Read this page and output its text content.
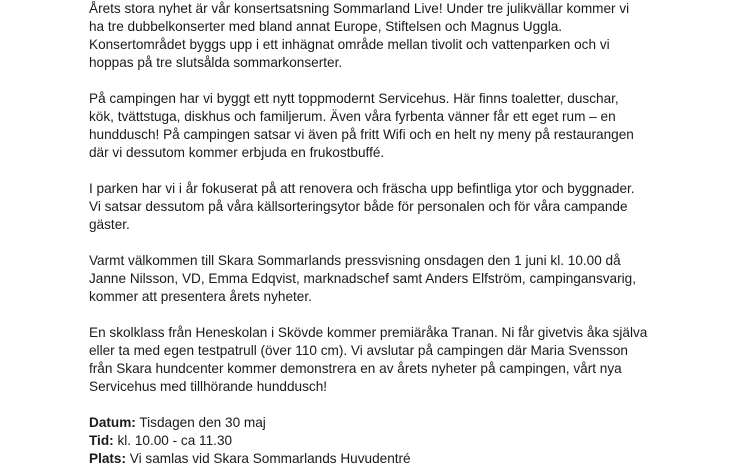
Årets stora nyhet är vår konsertsatsning Sommarland Live! Under tre julikvällar kommer vi
ha tre dubbelkonserter med bland annat Europe, Stiftelsen och Magnus Uggla.
Konsertområdet byggs upp i ett inhägnat område mellan tivolit och vattenparken och vi
hoppas på tre slutsålda sommarkonserter.
På campingen har vi byggt ett nytt toppmodernt Servicehus. Här finns toaletter, duschar,
kök, tvättstuga, diskhus och familjerum. Även våra fyrbenta vänner får ett eget rum – en
hunddusch! På campingen satsar vi även på fritt Wifi och en helt ny meny på restaurangen
där vi dessutom kommer erbjuda en frukostbuffé.
I parken har vi i år fokuserat på att renovera och fräscha upp befintliga ytor och byggnader.
Vi satsar dessutom på våra källsorteringsytor både för personalen och för våra campande
gäster.
Varmt välkommen till Skara Sommarlands pressvisning onsdagen den 1 juni kl. 10.00 då
Janne Nilsson, VD, Emma Edqvist, marknadschef samt Anders Elfström, campingansvarig,
kommer att presentera årets nyheter.
En skolklass från Heneskolan i Skövde kommer premiäråka Tranan. Ni får givetvis åka själva
eller ta med egen testpatrull (över 110 cm). Vi avslutar på campingen där Maria Svensson
från Skara hundcenter kommer demonstrera en av årets nyheter på campingen, vårt nya
Servicehus med tillhörande hunddusch!
Datum: Tisdagen den 30 maj
Tid: kl. 10.00 - ca 11.30
Plats: Vi samlas vid Skara Sommarlands Huvudentré
